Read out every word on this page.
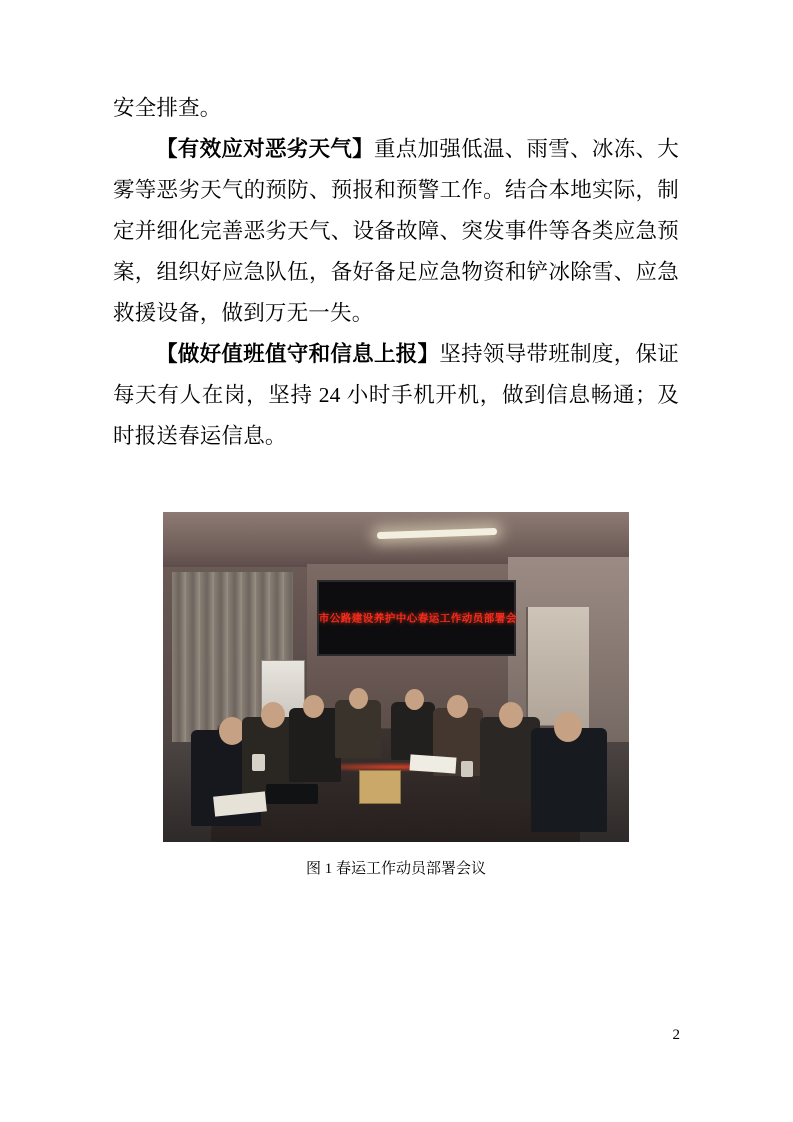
安全排查。

【有效应对恶劣天气】重点加强低温、雨雪、冰冻、大雾等恶劣天气的预防、预报和预警工作。结合本地实际，制定并细化完善恶劣天气、设备故障、突发事件等各类应急预案，组织好应急队伍，备好备足应急物资和铲冰除雪、应急救援设备，做到万无一失。

【做好值班值守和信息上报】坚持领导带班制度，保证每天有人在岗，坚持 24 小时手机开机，做到信息畅通；及时报送春运信息。

市公路建设养护中心春运工作动员部署会
图 1 春运工作动员部署会议
2
